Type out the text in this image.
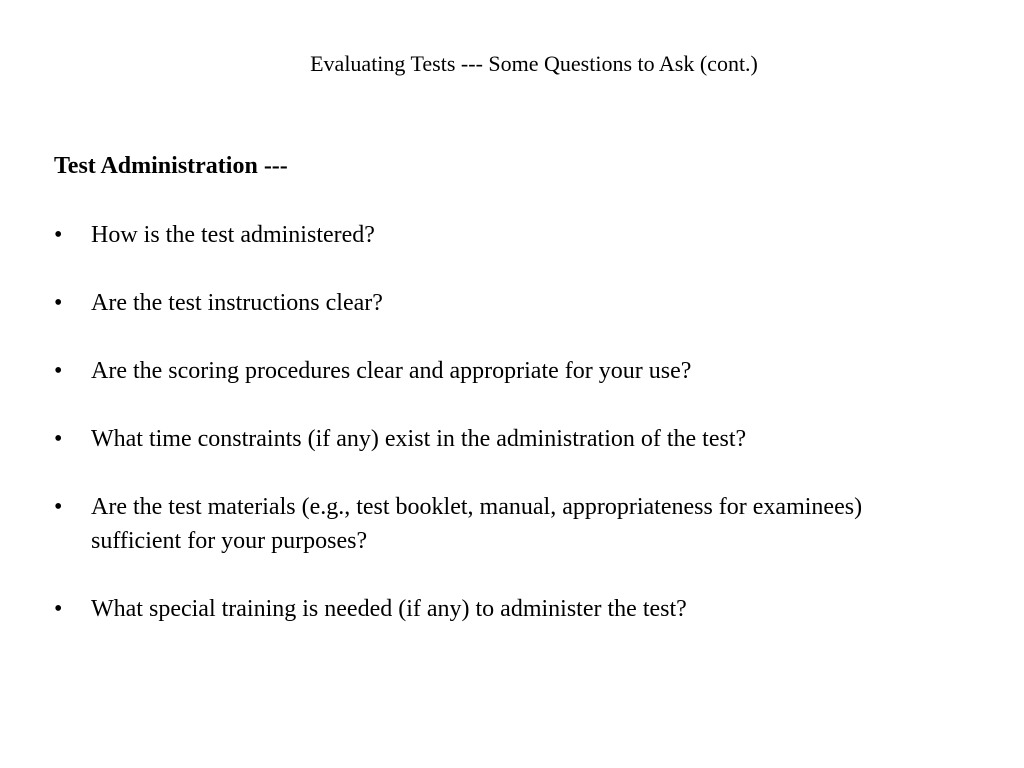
Evaluating Tests --- Some Questions to Ask (cont.)
Test Administration ---
•	How is the test administered?
•	Are the test instructions clear?
•	Are the scoring procedures clear and appropriate for your use?
•	What time constraints (if any) exist in the administration of the test?
•	Are the test materials (e.g., test booklet, manual, appropriateness for examinees) sufficient for your purposes?
•	What special training is needed (if any) to administer the test?
